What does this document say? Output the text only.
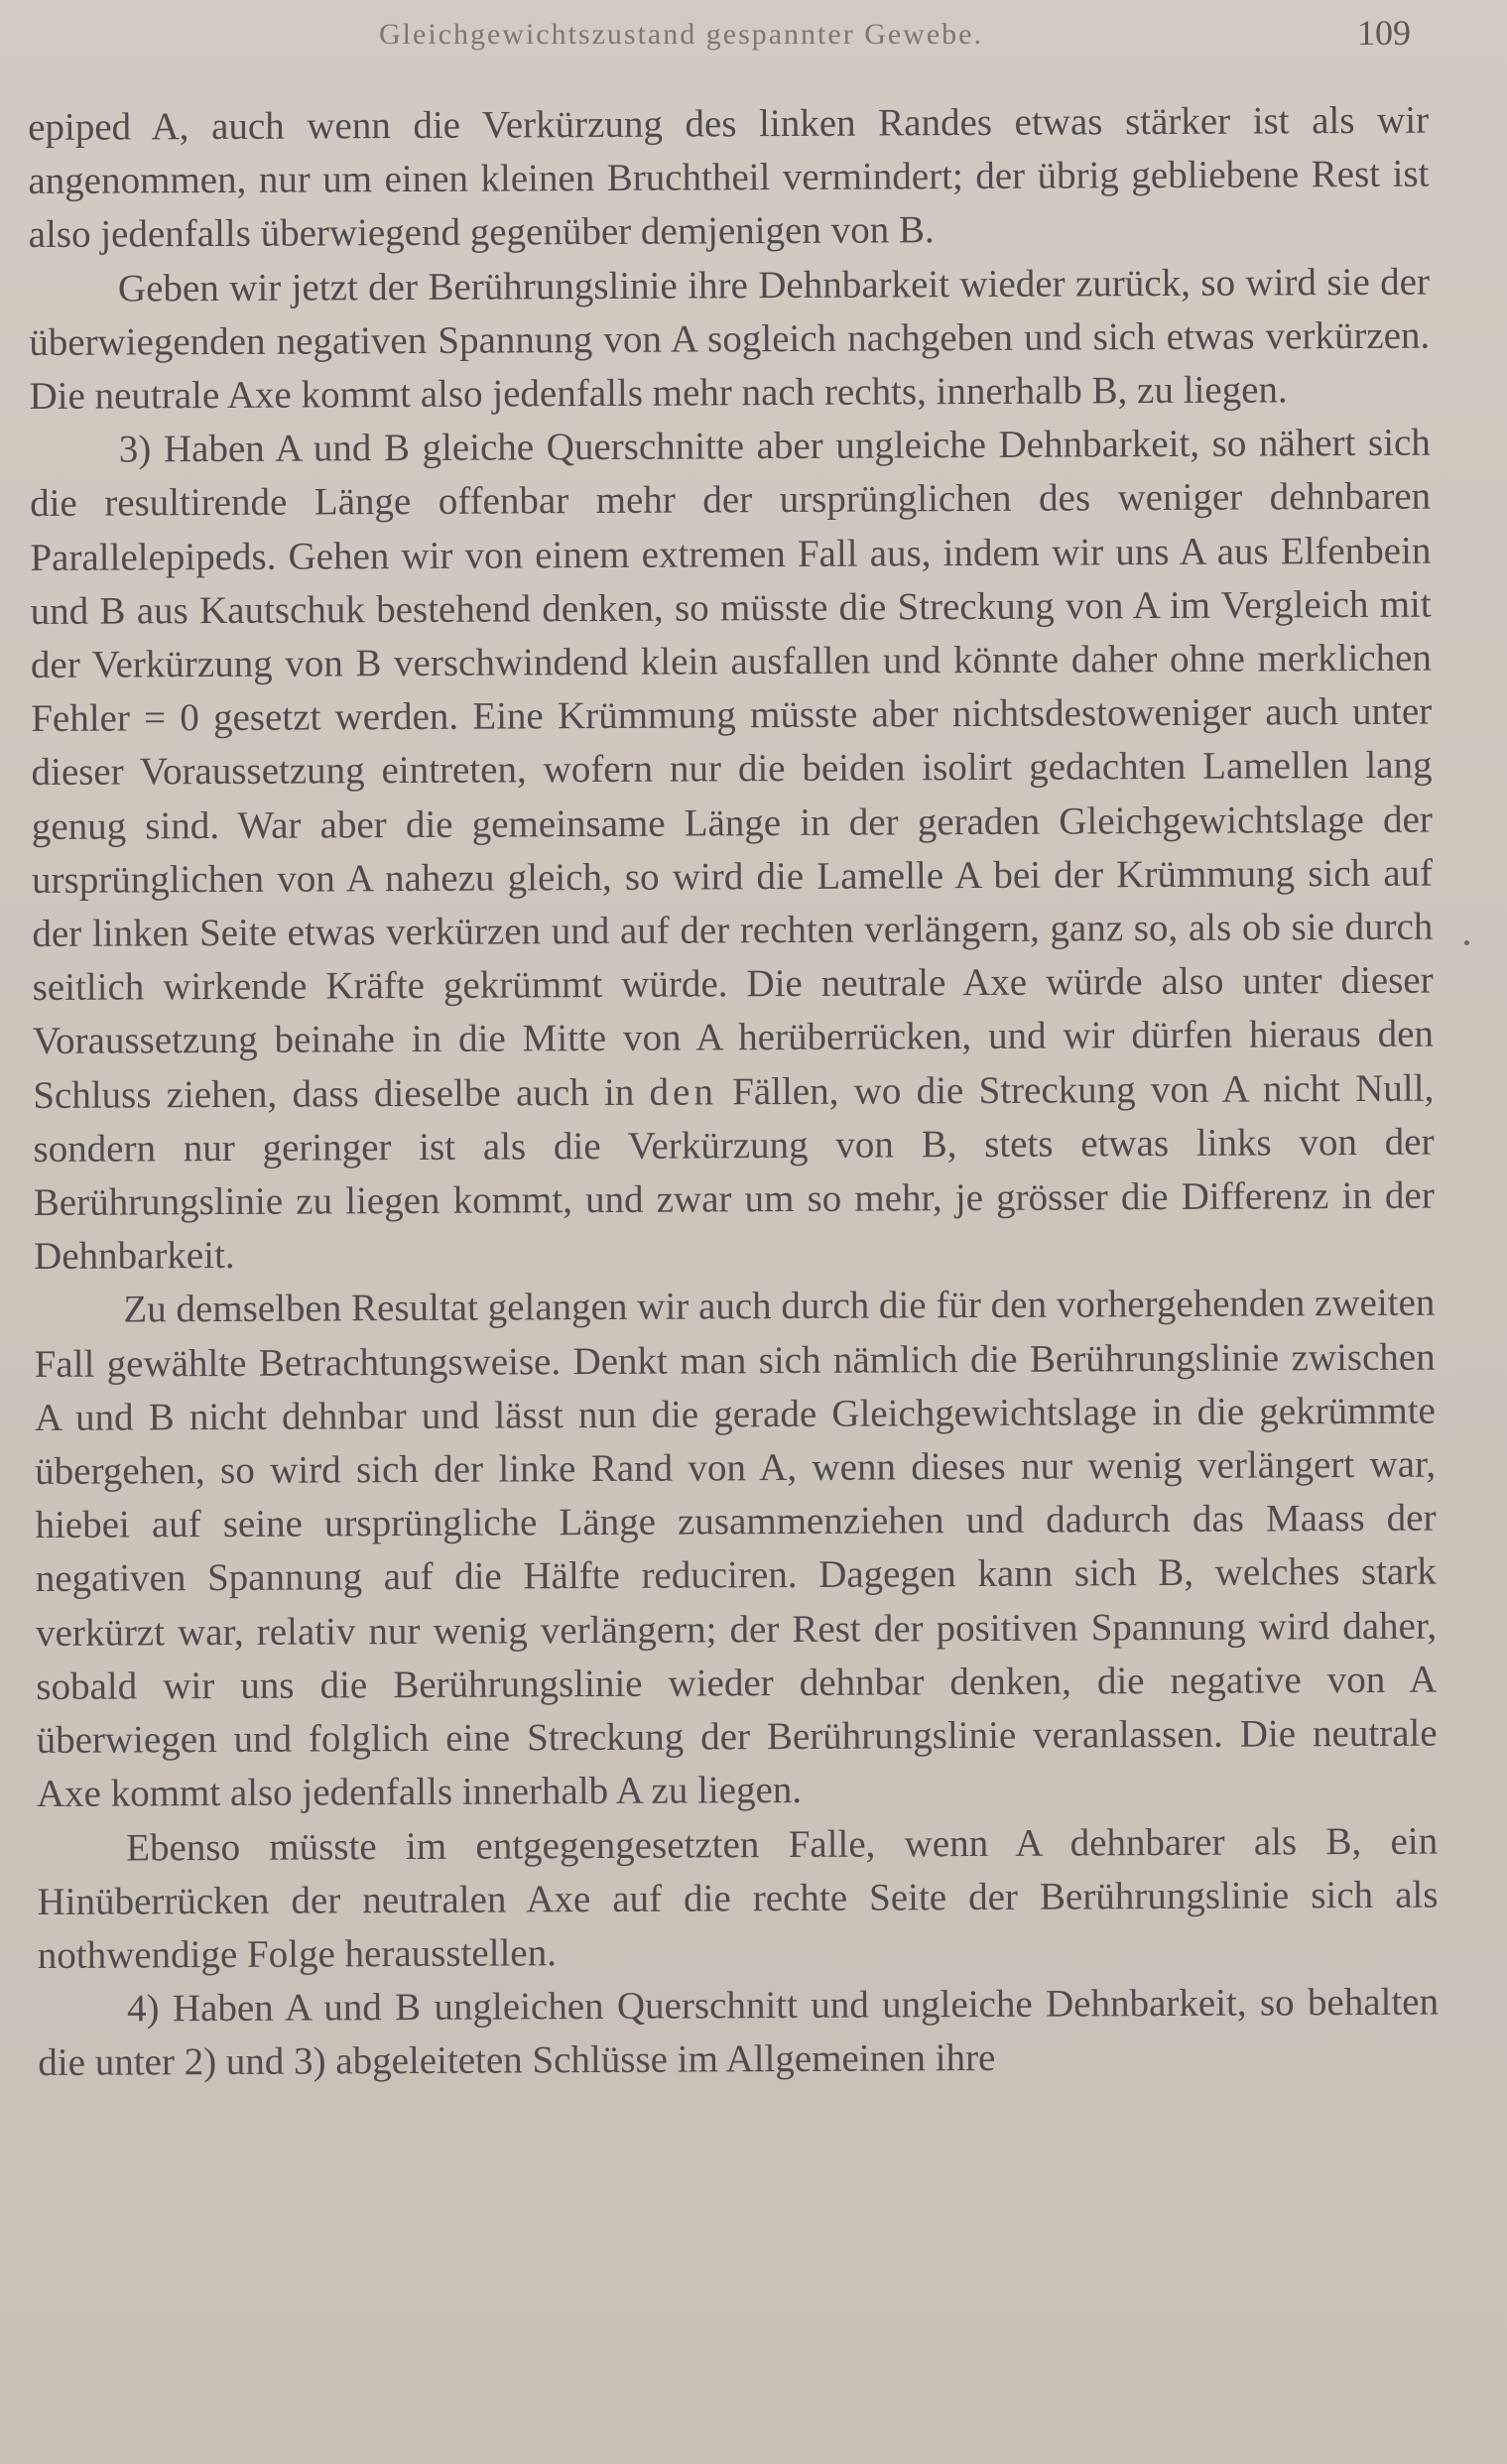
Gleichgewichtszustand gespannter Gewebe.	109

epiped A, auch wenn die Verkürzung des linken Randes etwas stärker ist als wir angenommen, nur um einen kleinen Bruchtheil vermindert; der übrig gebliebene Rest ist also jedenfalls überwiegend gegenüber demjenigen von B.

Geben wir jetzt der Berührungslinie ihre Dehnbarkeit wieder zurück, so wird sie der überwiegenden negativen Spannung von A sogleich nachgeben und sich etwas verkürzen. Die neutrale Axe kommt also jedenfalls mehr nach rechts, innerhalb B, zu liegen.

3) Haben A und B gleiche Querschnitte aber ungleiche Dehnbarkeit, so nähert sich die resultirende Länge offenbar mehr der ursprünglichen des weniger dehnbaren Parallelepipeds. Gehen wir von einem extremen Fall aus, indem wir uns A aus Elfenbein und B aus Kautschuk bestehend denken, so müsste die Streckung von A im Vergleich mit der Verkürzung von B verschwindend klein ausfallen und könnte daher ohne merklichen Fehler = 0 gesetzt werden. Eine Krümmung müsste aber nichtsdestoweniger auch unter dieser Voraussetzung eintreten, wofern nur die beiden isolirt gedachten Lamellen lang genug sind. War aber die gemeinsame Länge in der geraden Gleichgewichtslage der ursprünglichen von A nahezu gleich, so wird die Lamelle A bei der Krümmung sich auf der linken Seite etwas verkürzen und auf der rechten verlängern, ganz so, als ob sie durch seitlich wirkende Kräfte gekrümmt würde. Die neutrale Axe würde also unter dieser Voraussetzung beinahe in die Mitte von A herüberrücken, und wir dürfen hieraus den Schluss ziehen, dass dieselbe auch in den Fällen, wo die Streckung von A nicht Null, sondern nur geringer ist als die Verkürzung von B, stets etwas links von der Berührungslinie zu liegen kommt, und zwar um so mehr, je grösser die Differenz in der Dehnbarkeit.

Zu demselben Resultat gelangen wir auch durch die für den vorhergehenden zweiten Fall gewählte Betrachtungsweise. Denkt man sich nämlich die Berührungslinie zwischen A und B nicht dehnbar und lässt nun die gerade Gleichgewichtslage in die gekrümmte übergehen, so wird sich der linke Rand von A, wenn dieses nur wenig verlängert war, hiebei auf seine ursprüngliche Länge zusammenziehen und dadurch das Maass der negativen Spannung auf die Hälfte reduciren. Dagegen kann sich B, welches stark verkürzt war, relativ nur wenig verlängern; der Rest der positiven Spannung wird daher, sobald wir uns die Berührungslinie wieder dehnbar denken, die negative von A überwiegen und folglich eine Streckung der Berührungslinie veranlassen. Die neutrale Axe kommt also jedenfalls innerhalb A zu liegen.

Ebenso müsste im entgegengesetzten Falle, wenn A dehnbarer als B, ein Hinüberrücken der neutralen Axe auf die rechte Seite der Berührungslinie sich als nothwendige Folge herausstellen.

4) Haben A und B ungleichen Querschnitt und ungleiche Dehnbarkeit, so behalten die unter 2) und 3) abgeleiteten Schlüsse im Allgemeinen ihre
